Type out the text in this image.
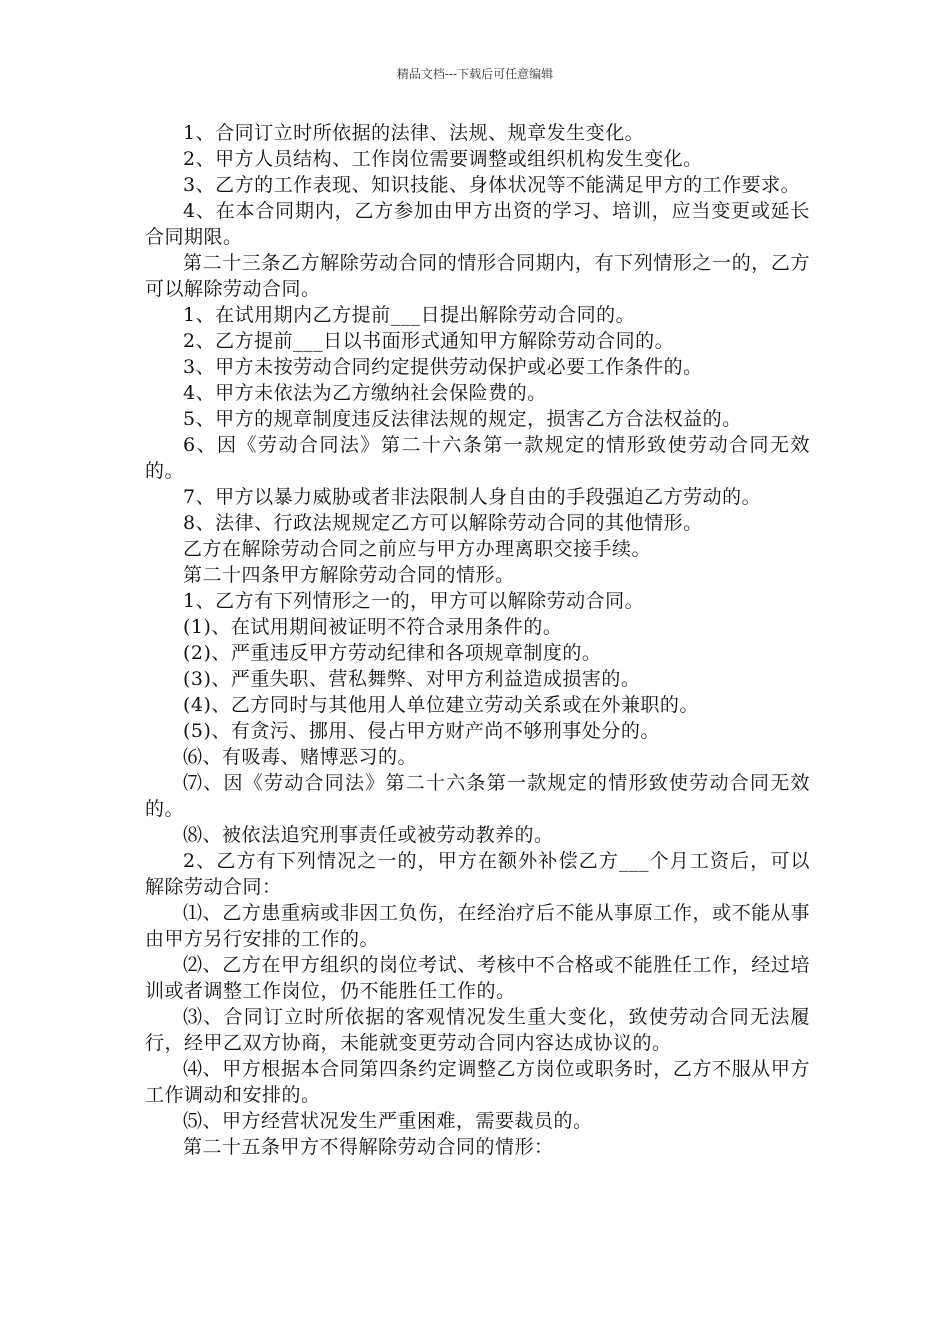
精品文档---下载后可任意编辑

1、合同订立时所依据的法律、法规、规章发生变化。

2、甲方人员结构、工作岗位需要调整或组织机构发生变化。

3、乙方的工作表现、知识技能、身体状况等不能满足甲方的工作要求。

4、在本合同期内，乙方参加由甲方出资的学习、培训，应当变更或延长合同期限。

第二十三条乙方解除劳动合同的情形合同期内，有下列情形之一的，乙方可以解除劳动合同。

1、在试用期内乙方提前___日提出解除劳动合同的。

2、乙方提前___日以书面形式通知甲方解除劳动合同的。

3、甲方未按劳动合同约定提供劳动保护或必要工作条件的。

4、甲方未依法为乙方缴纳社会保险费的。

5、甲方的规章制度违反法律法规的规定，损害乙方合法权益的。

6、因《劳动合同法》第二十六条第一款规定的情形致使劳动合同无效的。

7、甲方以暴力威胁或者非法限制人身自由的手段强迫乙方劳动的。

8、法律、行政法规规定乙方可以解除劳动合同的其他情形。

乙方在解除劳动合同之前应与甲方办理离职交接手续。

第二十四条甲方解除劳动合同的情形。

1、乙方有下列情形之一的，甲方可以解除劳动合同。

(1)、在试用期间被证明不符合录用条件的。

(2)、严重违反甲方劳动纪律和各项规章制度的。

(3)、严重失职、营私舞弊、对甲方利益造成损害的。

(4)、乙方同时与其他用人单位建立劳动关系或在外兼职的。

(5)、有贪污、挪用、侵占甲方财产尚不够刑事处分的。

⑹、有吸毒、赌博恶习的。

⑺、因《劳动合同法》第二十六条第一款规定的情形致使劳动合同无效的。

⑻、被依法追究刑事责任或被劳动教养的。

2、乙方有下列情况之一的，甲方在额外补偿乙方___个月工资后，可以解除劳动合同：

⑴、乙方患重病或非因工负伤，在经治疗后不能从事原工作，或不能从事由甲方另行安排的工作的。

⑵、乙方在甲方组织的岗位考试、考核中不合格或不能胜任工作，经过培训或者调整工作岗位，仍不能胜任工作的。

⑶、合同订立时所依据的客观情况发生重大变化，致使劳动合同无法履行，经甲乙双方协商，未能就变更劳动合同内容达成协议的。

⑷、甲方根据本合同第四条约定调整乙方岗位或职务时，乙方不服从甲方工作调动和安排的。

⑸、甲方经营状况发生严重困难，需要裁员的。

第二十五条甲方不得解除劳动合同的情形：
